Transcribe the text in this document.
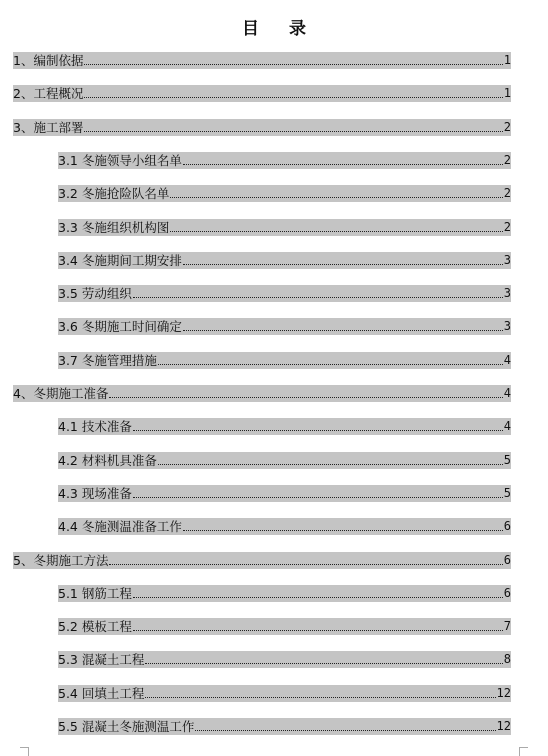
目 录
1、编制依据	1
2、工程概况	1
3、施工部署	2
3.1 冬施领导小组名单	2
3.2 冬施抢险队名单	2
3.3 冬施组织机构图	2
3.4 冬施期间工期安排	3
3.5 劳动组织	3
3.6 冬期施工时间确定	3
3.7 冬施管理措施	4
4、冬期施工准备	4
4.1 技术准备	4
4.2 材料机具准备	5
4.3 现场准备	5
4.4 冬施测温准备工作	6
5、冬期施工方法	6
5.1 钢筋工程	6
5.2 模板工程	7
5.3 混凝土工程	8
5.4 回填土工程	12
5.5 混凝土冬施测温工作	12
